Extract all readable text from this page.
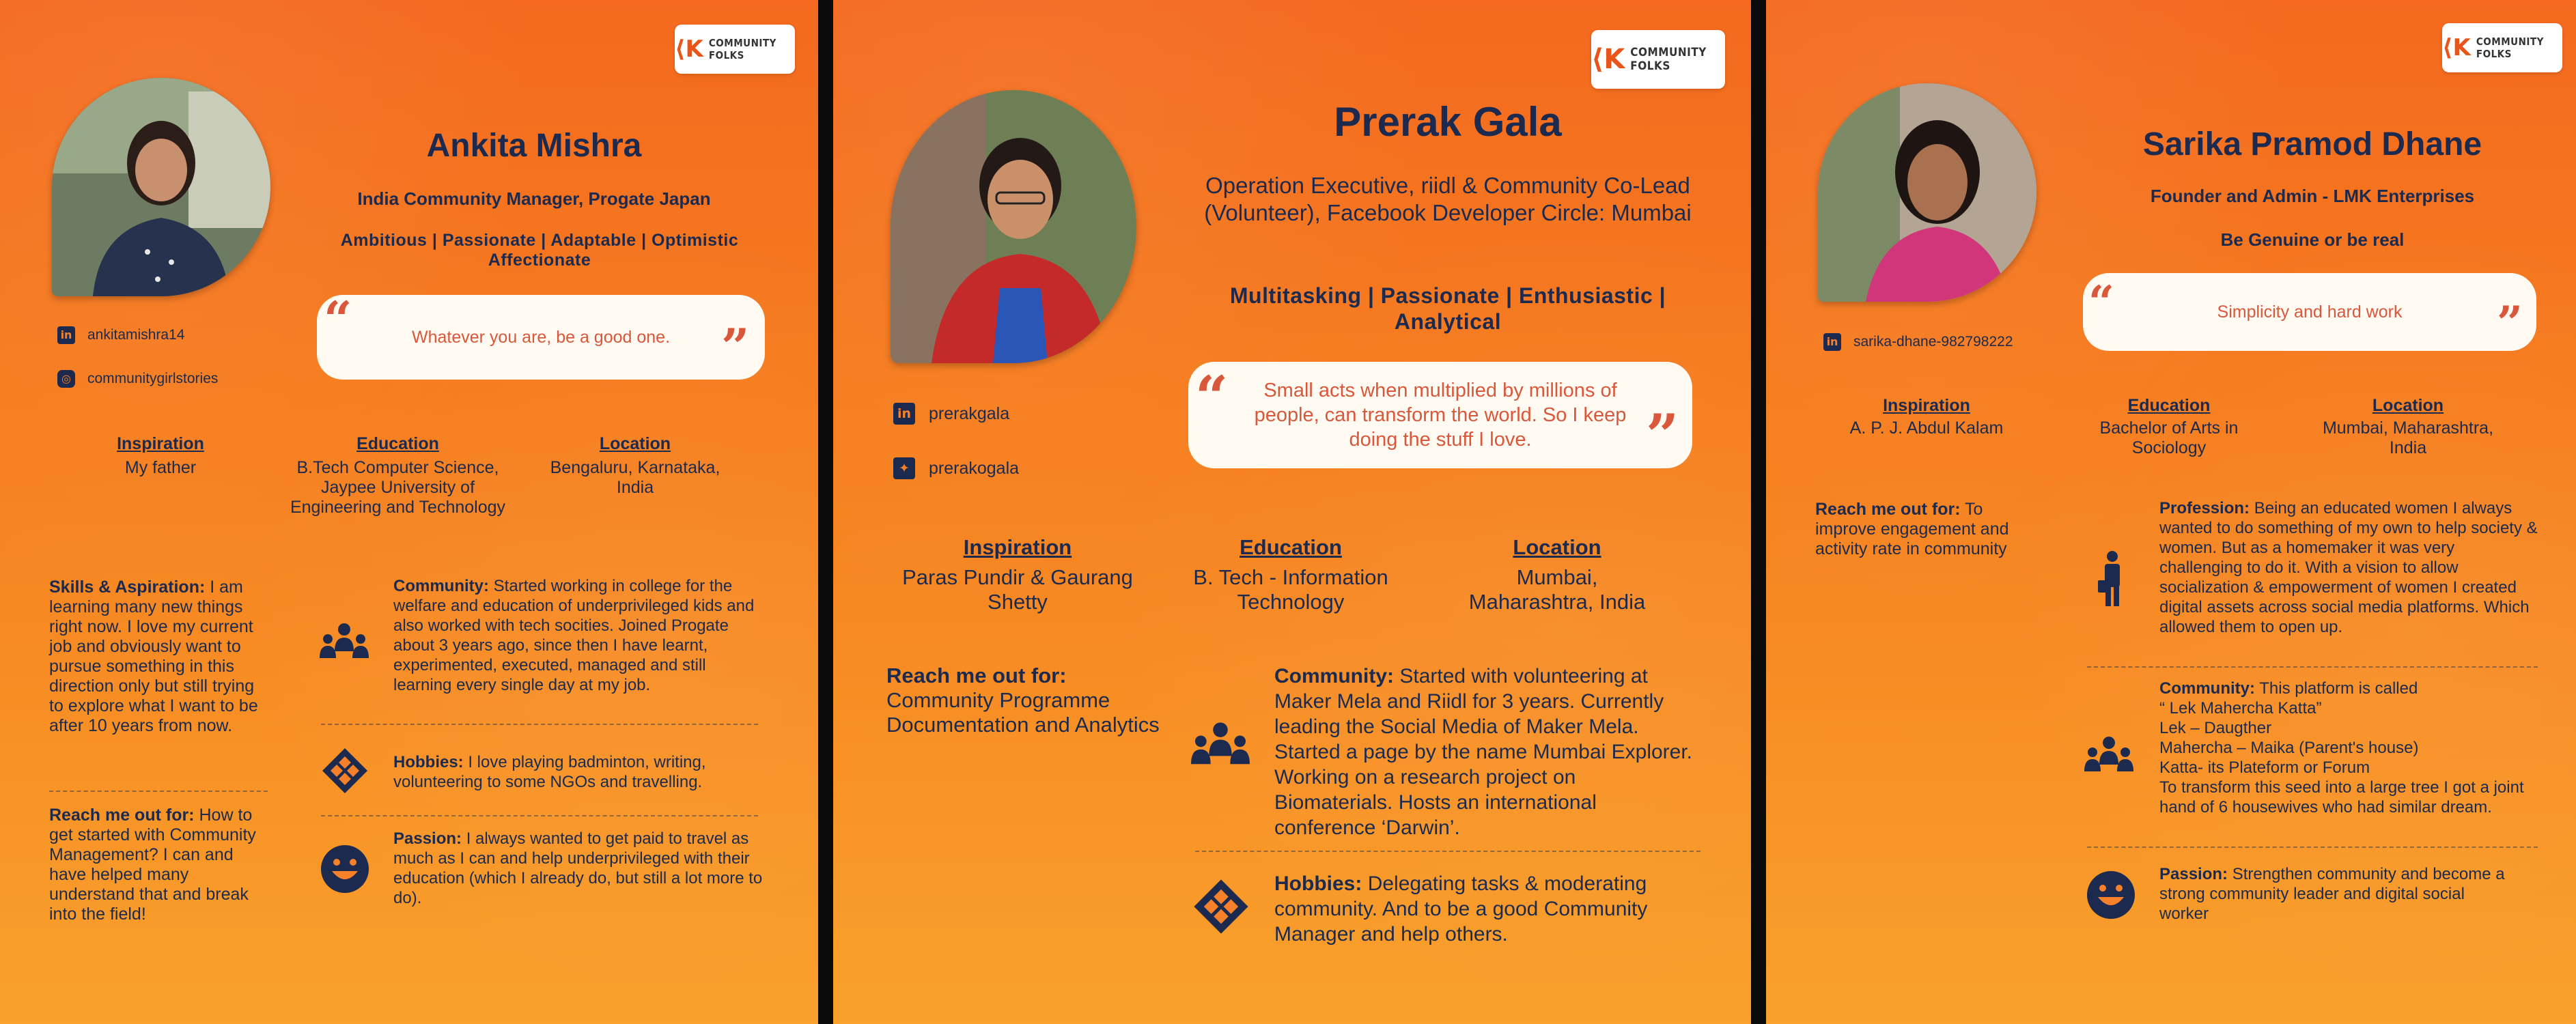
⟨K COMMUNITY FOLKS
Ankita Mishra
India Community Manager, Progate Japan
Ambitious | Passionate | Adaptable | Optimistic Affectionate
Whatever you are, be a good one.
“	”
in ankitamishra14
◎ communitygirlstories
Inspiration
My father
Education
B.Tech Computer Science, Jaypee University of Engineering and Technology
Location
Bengaluru, Karnataka, India
Skills & Aspiration: I am learning many new things right now. I love my current job and obviously want to pursue something in this direction only but still trying to explore what I want to be after 10 years from now.
Reach me out for: How to get started with Community Management? I can and have helped many understand that and break into the field!
Community: Started working in college for the welfare and education of underprivileged kids and also worked with tech socities. Joined Progate about 3 years ago, since then I have learnt, experimented, executed, managed and still learning every single day at my job.
Hobbies: I love playing badminton, writing, volunteering to some NGOs and travelling.
Passion: I always wanted to get paid to travel as much as I can and help underprivileged with their education (which I already do, but still a lot more to do).
⟨K COMMUNITY FOLKS
Prerak Gala
Operation Executive, riidl & Community Co-Lead (Volunteer), Facebook Developer Circle: Mumbai
Multitasking | Passionate | Enthusiastic | Analytical
Small acts when multiplied by millions of people, can transform the world. So I keep doing the stuff I love.
“
”
in prerakgala
✦	prerakogala
Inspiration
Paras Pundir & Gaurang Shetty
Education
B. Tech - Information Technology
Location
Mumbai, Maharashtra, India
Reach me out for:
Community Programme Documentation and Analytics
Community: Started with volunteering at Maker Mela and Riidl for 3 years. Currently leading the Social Media of Maker Mela. Started a page by the name Mumbai Explorer. Working on a research project on Biomaterials. Hosts an international conference ‘Darwin’.
Hobbies: Delegating tasks & moderating community. And to be a good Community Manager and help others.
⟨K COMMUNITY FOLKS
Sarika Pramod Dhane
Founder and Admin - LMK Enterprises
Be Genuine or be real
Simplicity and hard work
“	”
in sarika-dhane-982798222
Inspiration
A. P. J. Abdul Kalam
Education
Bachelor of Arts in Sociology
Location
Mumbai, Maharashtra, India
Reach me out for: To improve engagement and activity rate in community
Profession: Being an educated women I always wanted to do something of my own to help society & women. But as a homemaker it was very challenging to do it. With a vision to allow socialization & empowerment of women I created digital assets across social media platforms. Which allowed them to open up.
Community: This platform is called
“ Lek Mahercha Katta”
Lek – Daugther
Mahercha – Maika (Parent's house)
Katta- its Plateform or Forum
To transform this seed into a large tree I got a joint hand of 6 housewives who had similar dream.
Passion: Strengthen community and become a strong community leader and digital social worker
